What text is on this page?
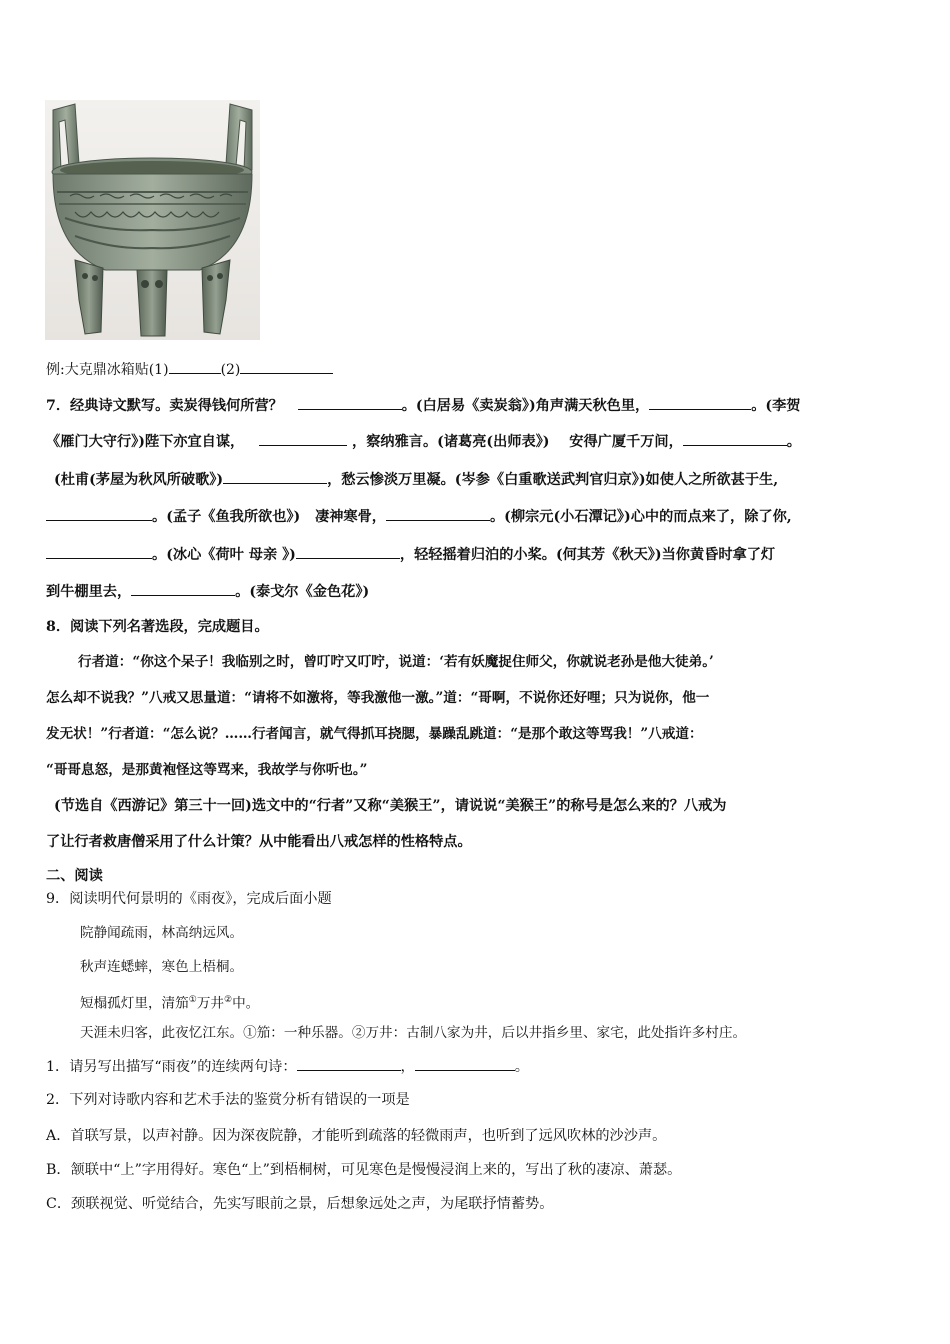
例:大克鼎冰箱贴(1)	(2)
7．经典诗文默写。卖炭得钱何所营？	。(白居易《卖炭翁》)角声满天秋色里，	。(李贺
《雁门大守行》)陛下亦宜自谋，	，察纳雅言。(诸葛亮(出师表》) 安得广厦千万间，	。
(杜甫(茅屋为秋风所破歌》)	，愁云惨淡万里凝。(岑参《白重歌送武判官归京》)如使人之所欲甚于生,
。(孟子《鱼我所欲也》) 凄神寒骨，	。(柳宗元(小石潭记》)心中的而点来了，除了你,
。(冰心《荷叶 母亲 》)	，轻轻摇着归泊的小桨。(何其芳《秋天》)当你黄昏时拿了灯
到牛棚里去，	。(泰戈尔《金色花》)
8．阅读下列名著选段，完成题目。
行者道：“你这个呆子！我临别之时，曾叮咛又叮咛，说道：‘若有妖魔捉住师父，你就说老孙是他大徒弟。’
怎么却不说我？”八戒又思量道：“请将不如激将，等我激他一激。”道：“哥啊，不说你还好哩；只为说你，他一
发无状！”行者道：“怎么说？……行者闻言，就气得抓耳挠腮，暴躁乱跳道：“是那个敢这等骂我！”八戒道：
“哥哥息怒，是那黄袍怪这等骂来，我故学与你听也。”
(节选自《西游记》第三十一回)选文中的“行者”又称“美猴王”，请说说“美猴王”的称号是怎么来的？八戒为
了让行者救唐僧采用了什么计策？从中能看出八戒怎样的性格特点。
二、阅读
9．阅读明代何景明的《雨夜》，完成后面小题
院静闻疏雨，林高纳远风。
秋声连蟋蟀，寒色上梧桐。
短榻孤灯里，清笳①万井②中。
天涯未归客，此夜忆江东。①笳：一种乐器。②万井：古制八家为井，后以井指乡里、家宅，此处指许多村庄。
1．请另写出描写“雨夜”的连续两句诗：	，	。
2．下列对诗歌内容和艺术手法的鉴赏分析有错误的一项是
A．首联写景，以声衬静。因为深夜院静，才能听到疏落的轻微雨声，也听到了远风吹林的沙沙声。
B．颔联中“上”字用得好。寒色“上”到梧桐树，可见寒色是慢慢浸润上来的，写出了秋的凄凉、萧瑟。
C．颈联视觉、听觉结合，先实写眼前之景，后想象远处之声，为尾联抒情蓄势。
